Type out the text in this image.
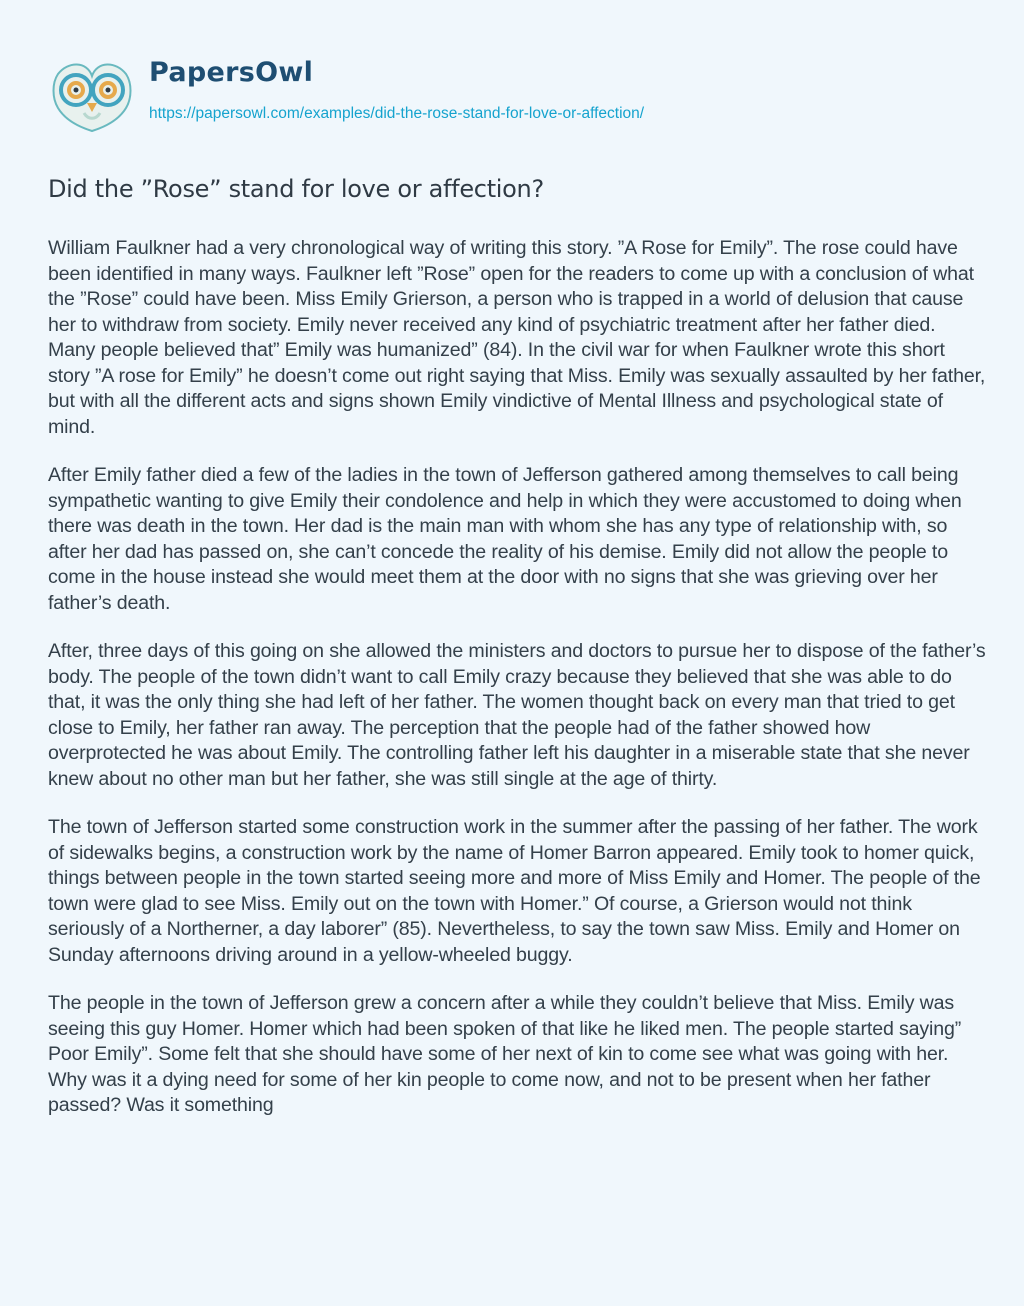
PapersOwl
https://papersowl.com/examples/did-the-rose-stand-for-love-or-affection/
Did the ”Rose” stand for love or affection?

William Faulkner had a very chronological way of writing this story. ”A Rose for Emily”. The rose could have been identified in many ways. Faulkner left ”Rose” open for the readers to come up with a conclusion of what the ”Rose” could have been. Miss Emily Grierson, a person who is trapped in a world of delusion that cause her to withdraw from society. Emily never received any kind of psychiatric treatment after her father died. Many people believed that” Emily was humanized” (84). In the civil war for when Faulkner wrote this short story ”A rose for Emily” he doesn’t come out right saying that Miss. Emily was sexually assaulted by her father, but with all the different acts and signs shown Emily vindictive of Mental Illness and psychological state of mind.

After Emily father died a few of the ladies in the town of Jefferson gathered among themselves to call being sympathetic wanting to give Emily their condolence and help in which they were accustomed to doing when there was death in the town. Her dad is the main man with whom she has any type of relationship with, so after her dad has passed on, she can’t concede the reality of his demise. Emily did not allow the people to come in the house instead she would meet them at the door with no signs that she was grieving over her father’s death.

After, three days of this going on she allowed the ministers and doctors to pursue her to dispose of the father’s body. The people of the town didn’t want to call Emily crazy because they believed that she was able to do that, it was the only thing she had left of her father. The women thought back on every man that tried to get close to Emily, her father ran away. The perception that the people had of the father showed how overprotected he was about Emily. The controlling father left his daughter in a miserable state that she never knew about no other man but her father, she was still single at the age of thirty.

The town of Jefferson started some construction work in the summer after the passing of her father. The work of sidewalks begins, a construction work by the name of Homer Barron appeared. Emily took to homer quick, things between people in the town started seeing more and more of Miss Emily and Homer. The people of the town were glad to see Miss. Emily out on the town with Homer.” Of course, a Grierson would not think seriously of a Northerner, a day laborer” (85). Nevertheless, to say the town saw Miss. Emily and Homer on Sunday afternoons driving around in a yellow-wheeled buggy.

The people in the town of Jefferson grew a concern after a while they couldn’t believe that Miss. Emily was seeing this guy Homer. Homer which had been spoken of that like he liked men. The people started saying” Poor Emily”. Some felt that she should have some of her next of kin to come see what was going with her. Why was it a dying need for some of her kin people to come now, and not to be present when her father passed? Was it something
